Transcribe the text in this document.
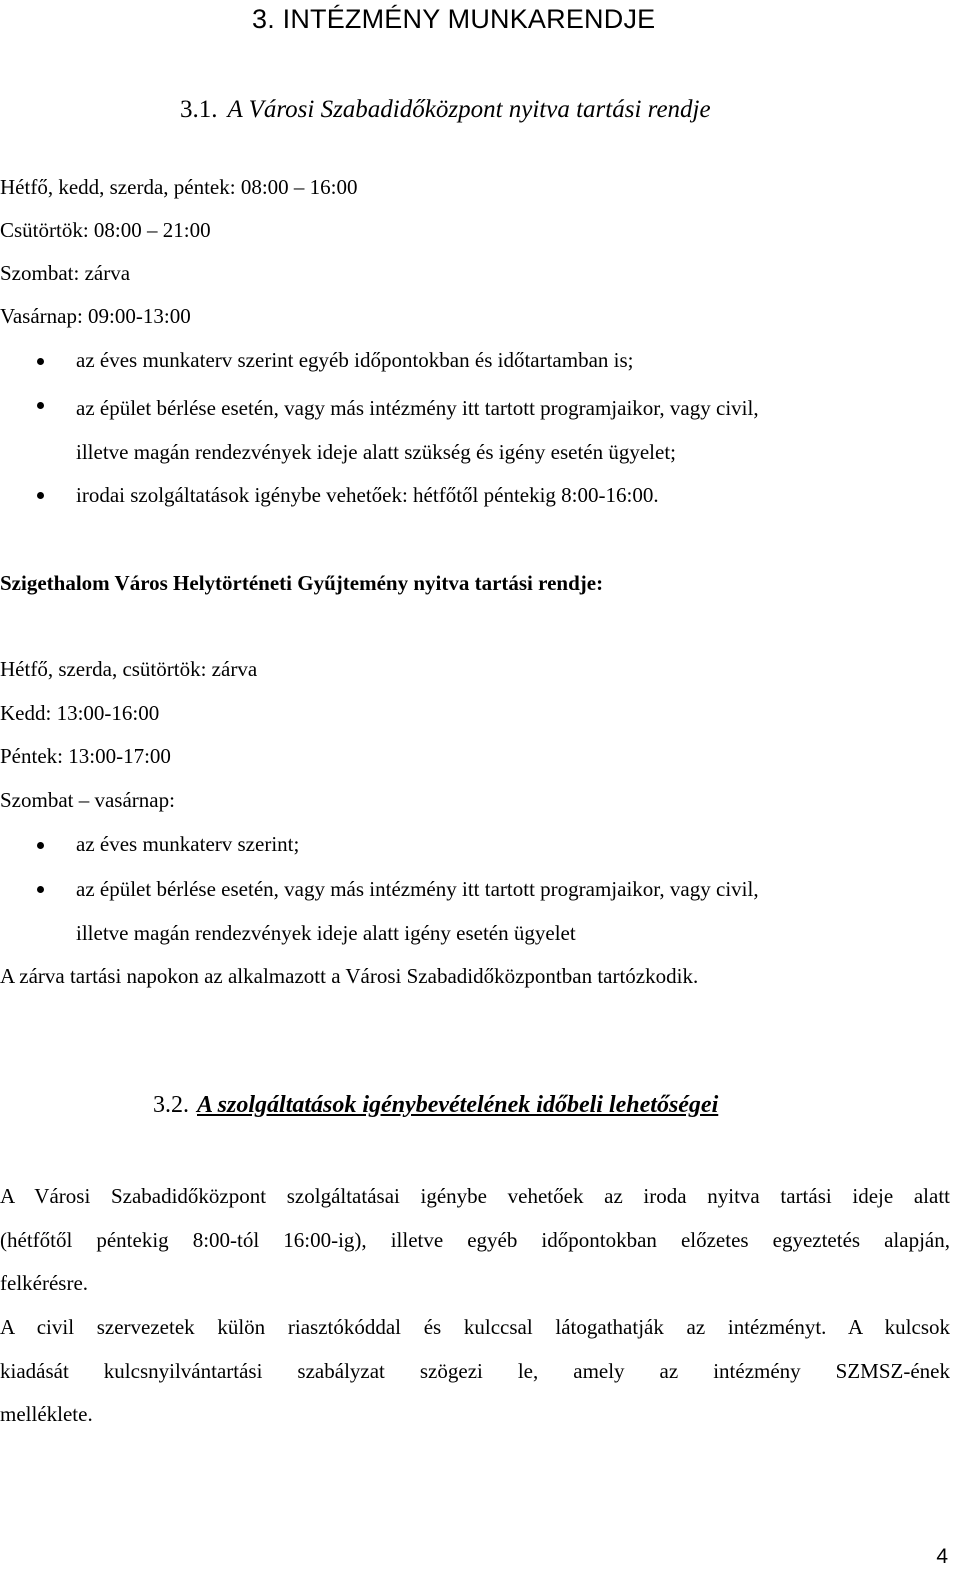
3. INTÉZMÉNY MUNKARENDJE
3.1. A Városi Szabadidőközpont nyitva tartási rendje
Hétfő, kedd, szerda, péntek: 08:00 – 16:00
Csütörtök: 08:00 – 21:00
Szombat: zárva
Vasárnap: 09:00-13:00
az éves munkaterv szerint egyéb időpontokban és időtartamban is;
az épület bérlése esetén, vagy más intézmény itt tartott programjaikor, vagy civil,
illetve magán rendezvények ideje alatt szükség és igény esetén ügyelet;
irodai szolgáltatások igénybe vehetőek: hétfőtől péntekig 8:00-16:00.
Szigethalom Város Helytörténeti Gyűjtemény nyitva tartási rendje:
Hétfő, szerda, csütörtök: zárva
Kedd: 13:00-16:00
Péntek: 13:00-17:00
Szombat – vasárnap:
az éves munkaterv szerint;
az épület bérlése esetén, vagy más intézmény itt tartott programjaikor, vagy civil,
illetve magán rendezvények ideje alatt igény esetén ügyelet
A zárva tartási napokon az alkalmazott a Városi Szabadidőközpontban tartózkodik.
3.2. A szolgáltatások igénybevételének időbeli lehetőségei
A Városi Szabadidőközpont szolgáltatásai igénybe vehetőek az iroda nyitva tartási ideje alatt
(hétfőtől péntekig 8:00-tól 16:00-ig), illetve egyéb időpontokban előzetes egyeztetés alapján,
felkérésre.
A civil szervezetek külön riasztókóddal és kulccsal látogathatják az intézményt. A kulcsok
kiadását kulcsnyilvántartási szabályzat szögezi le, amely az intézmény SZMSZ-ének
melléklete.
4
